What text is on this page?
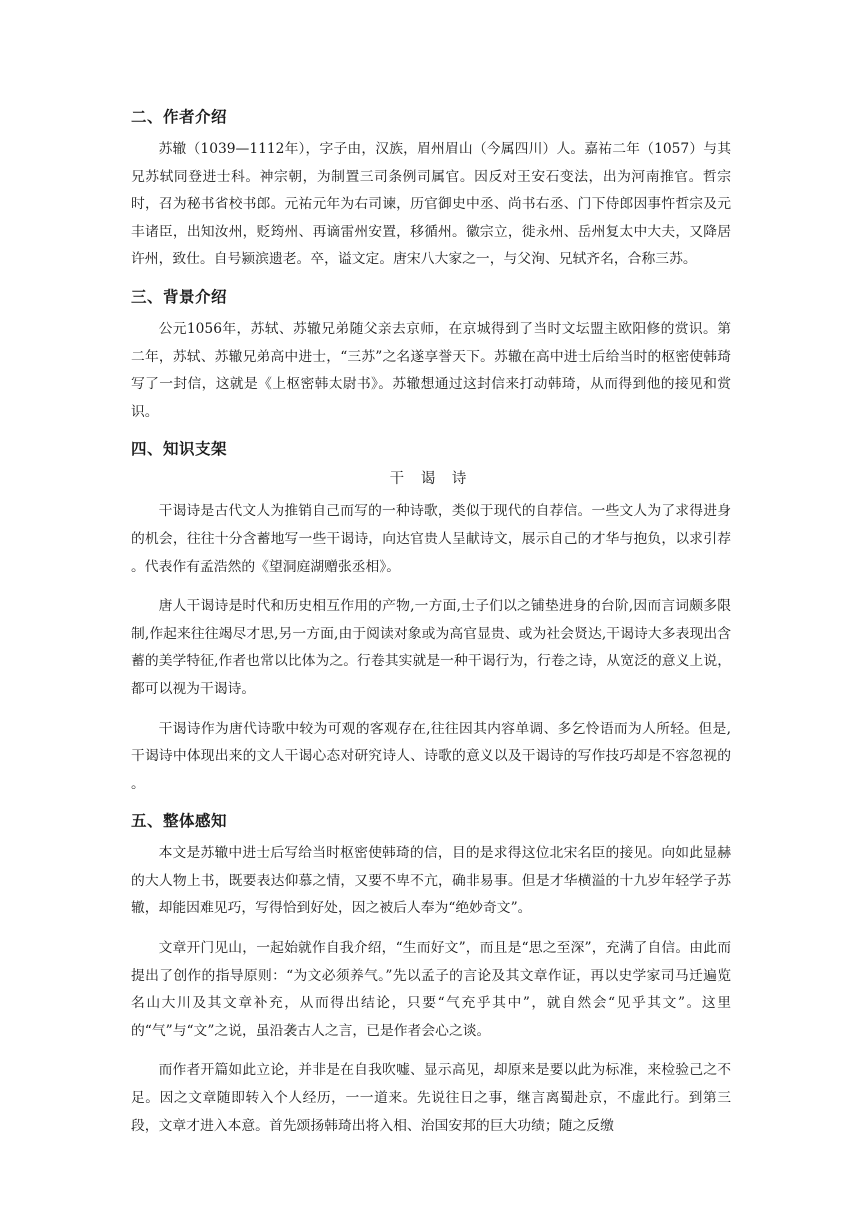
二、作者介绍

苏辙（1039—1112年），字子由，汉族，眉州眉山（今属四川）人。嘉祐二年（1057）与其兄苏轼同登进士科。神宗朝，为制置三司条例司属官。因反对王安石变法，出为河南推官。哲宗时，召为秘书省校书郎。元祐元年为右司谏，历官御史中丞、尚书右丞、门下侍郎因事忤哲宗及元丰诸臣，出知汝州，贬筠州、再谪雷州安置，移循州。徽宗立，徙永州、岳州复太中大夫，又降居许州，致仕。自号颍滨遗老。卒，谥文定。唐宋八大家之一，与父洵、兄轼齐名，合称三苏。

三、背景介绍

公元1056年，苏轼、苏辙兄弟随父亲去京师，在京城得到了当时文坛盟主欧阳修的赏识。第二年，苏轼、苏辙兄弟高中进士，“三苏”之名遂享誉天下。苏辙在高中进士后给当时的枢密使韩琦写了一封信，这就是《上枢密韩太尉书》。苏辙想通过这封信来打动韩琦，从而得到他的接见和赏识。

四、知识支架
干 谒 诗

干谒诗是古代文人为推销自己而写的一种诗歌，类似于现代的自荐信。一些文人为了求得进身的机会，往往十分含蓄地写一些干谒诗，向达官贵人呈献诗文，展示自己的才华与抱负，以求引荐 。代表作有孟浩然的《望洞庭湖赠张丞相》。

唐人干谒诗是时代和历史相互作用的产物,一方面,士子们以之铺垫进身的台阶,因而言词颇多限制,作起来往往竭尽才思,另一方面,由于阅读对象或为高官显贵、或为社会贤达,干谒诗大多表现出含蓄的美学特征,作者也常以比体为之。行卷其实就是一种干谒行为，行卷之诗，从宽泛的意义上说，都可以视为干谒诗。

干谒诗作为唐代诗歌中较为可观的客观存在,往往因其内容单调、多乞怜语而为人所轻。但是,干谒诗中体现出来的文人干谒心态对研究诗人、诗歌的意义以及干谒诗的写作技巧却是不容忽视的 。

五、整体感知

本文是苏辙中进士后写给当时枢密使韩琦的信，目的是求得这位北宋名臣的接见。向如此显赫的大人物上书，既要表达仰慕之情，又要不卑不亢，确非易事。但是才华横溢的十九岁年轻学子苏辙，却能因难见巧，写得恰到好处，因之被后人奉为“绝妙奇文”。

文章开门见山，一起始就作自我介绍，“生而好文”，而且是“思之至深”，充满了自信。由此而提出了创作的指导原则：“为文必须养气。”先以孟子的言论及其文章作证，再以史学家司马迁遍览名山大川及其文章补充，从而得出结论，只要“气充乎其中”，就自然会“见乎其文”。这里的“气”与“文”之说，虽沿袭古人之言，已是作者会心之谈。

而作者开篇如此立论，并非是在自我吹嘘、显示高见，却原来是要以此为标准，来检验己之不足。因之文章随即转入个人经历，一一道来。先说往日之事，继言离蜀赴京，不虚此行。到第三段，文章才进入本意。首先颂扬韩琦出将入相、治国安邦的巨大功绩；随之反缴
